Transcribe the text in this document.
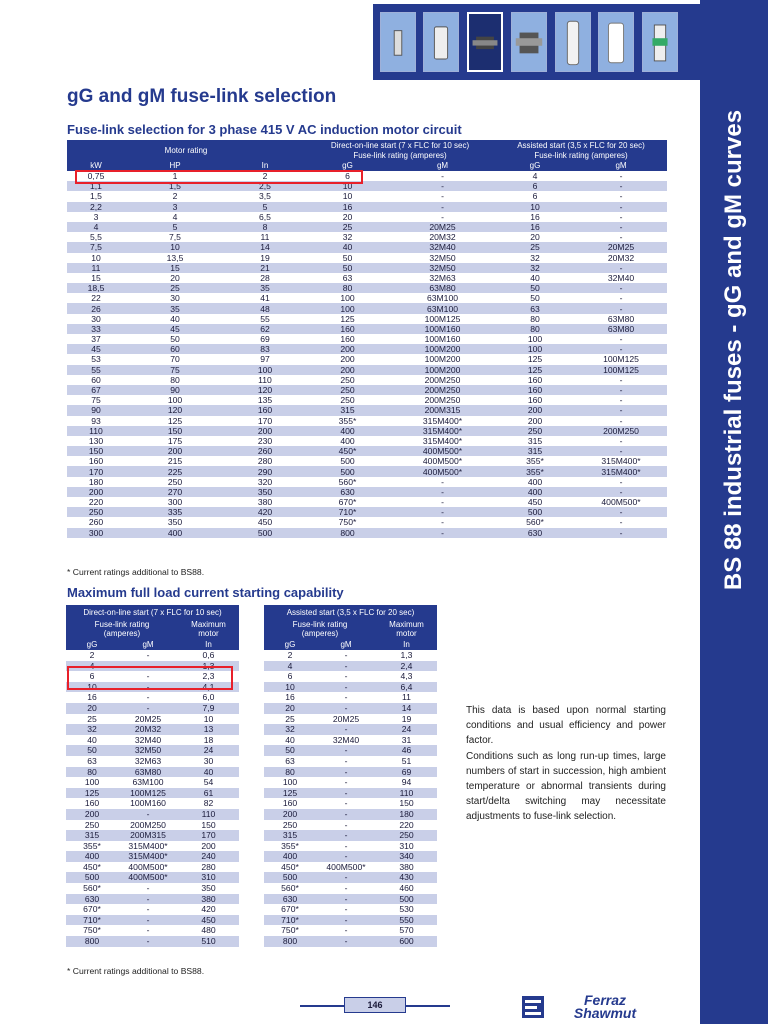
BS 88 industrial fuses - gG and gM curves
gG and gM fuse-link selection
Fuse-link selection for 3 phase 415 V AC induction motor circuit
Motor rating			Direct-on-line start (7 x FLC for 10 sec)		Assisted start (3,5 x FLC for 20 sec)	
			Fuse-link rating (amperes)		Fuse-link rating (amperes)	
kW	HP	In	gG	gM	gG	gM
0,75	1	2	6	-	4	-
1,1	1,5	2,5	10	-	6	-
1,5	2	3,5	10	-	6	-
2,2	3	5	16	-	10	-
3	4	6,5	20	-	16	-
4	5	8	25	20M25	16	-
5,5	7,5	11	32	20M32	20	-
7,5	10	14	40	32M40	25	20M25
10	13,5	19	50	32M50	32	20M32
11	15	21	50	32M50	32	-
15	20	28	63	32M63	40	32M40
18,5	25	35	80	63M80	50	-
22	30	41	100	63M100	50	-
26	35	48	100	63M100	63	-
30	40	55	125	100M125	80	63M80
33	45	62	160	100M160	80	63M80
37	50	69	160	100M160	100	-
45	60	83	200	100M200	100	-
53	70	97	200	100M200	125	100M125
55	75	100	200	100M200	125	100M125
60	80	110	250	200M250	160	-
67	90	120	250	200M250	160	-
75	100	135	250	200M250	160	-
90	120	160	315	200M315	200	-
93	125	170	355*	315M400*	200	-
110	150	200	400	315M400*	250	200M250
130	175	230	400	315M400*	315	-
150	200	260	450*	400M500*	315	-
160	215	280	500	400M500*	355*	315M400*
170	225	290	500	400M500*	355*	315M400*
180	250	320	560*	-	400	-
200	270	350	630	-	400	-
220	300	380	670*	-	450	400M500*
250	335	420	710*	-	500	-
260	350	450	750*	-	560*	-
300	400	500	800	-	630	-
* Current ratings additional to BS88.
Maximum full load current starting capability
Direct-on-line start (7 x FLC for 10 sec)		
Fuse-link rating (amperes)		Maximum motor
gG	gM	In
2	-	0,6
4	-	1,3
6	-	2,3
10	-	4,1
16	-	6,0
20	-	7,9
25	20M25	10
32	20M32	13
40	32M40	18
50	32M50	24
63	32M63	30
80	63M80	40
100	63M100	54
125	100M125	61
160	100M160	82
200	-	110
250	200M250	150
315	200M315	170
355*	315M400*	200
400	315M400*	240
450*	400M500*	280
500	400M500*	310
560*	-	350
630	-	380
670*	-	420
710*	-	450
750*	-	480
800	-	510
Assisted start (3,5 x FLC for 20 sec)		
Fuse-link rating (amperes)		Maximum motor
gG	gM	In
2	-	1,3
4	-	2,4
6	-	4,3
10	-	6,4
16	-	11
20	-	14
25	20M25	19
32	-	24
40	32M40	31
50	-	46
63	-	51
80	-	69
100	-	94
125	-	110
160	-	150
200	-	180
250	-	220
315	-	250
355*	-	310
400	-	340
450*	400M500*	380
500	-	430
560*	-	460
630	-	500
670*	-	530
710*	-	550
750*	-	570
800	-	600
* Current ratings additional to BS88.

This data is based upon normal starting conditions and usual efficiency and power factor.

Conditions such as long run-up times, large numbers of start in succession, high ambient temperature or abnormal transients during start/delta switching may necessitate adjustments to fuse-link selection.

146	Ferraz
Shawmut
